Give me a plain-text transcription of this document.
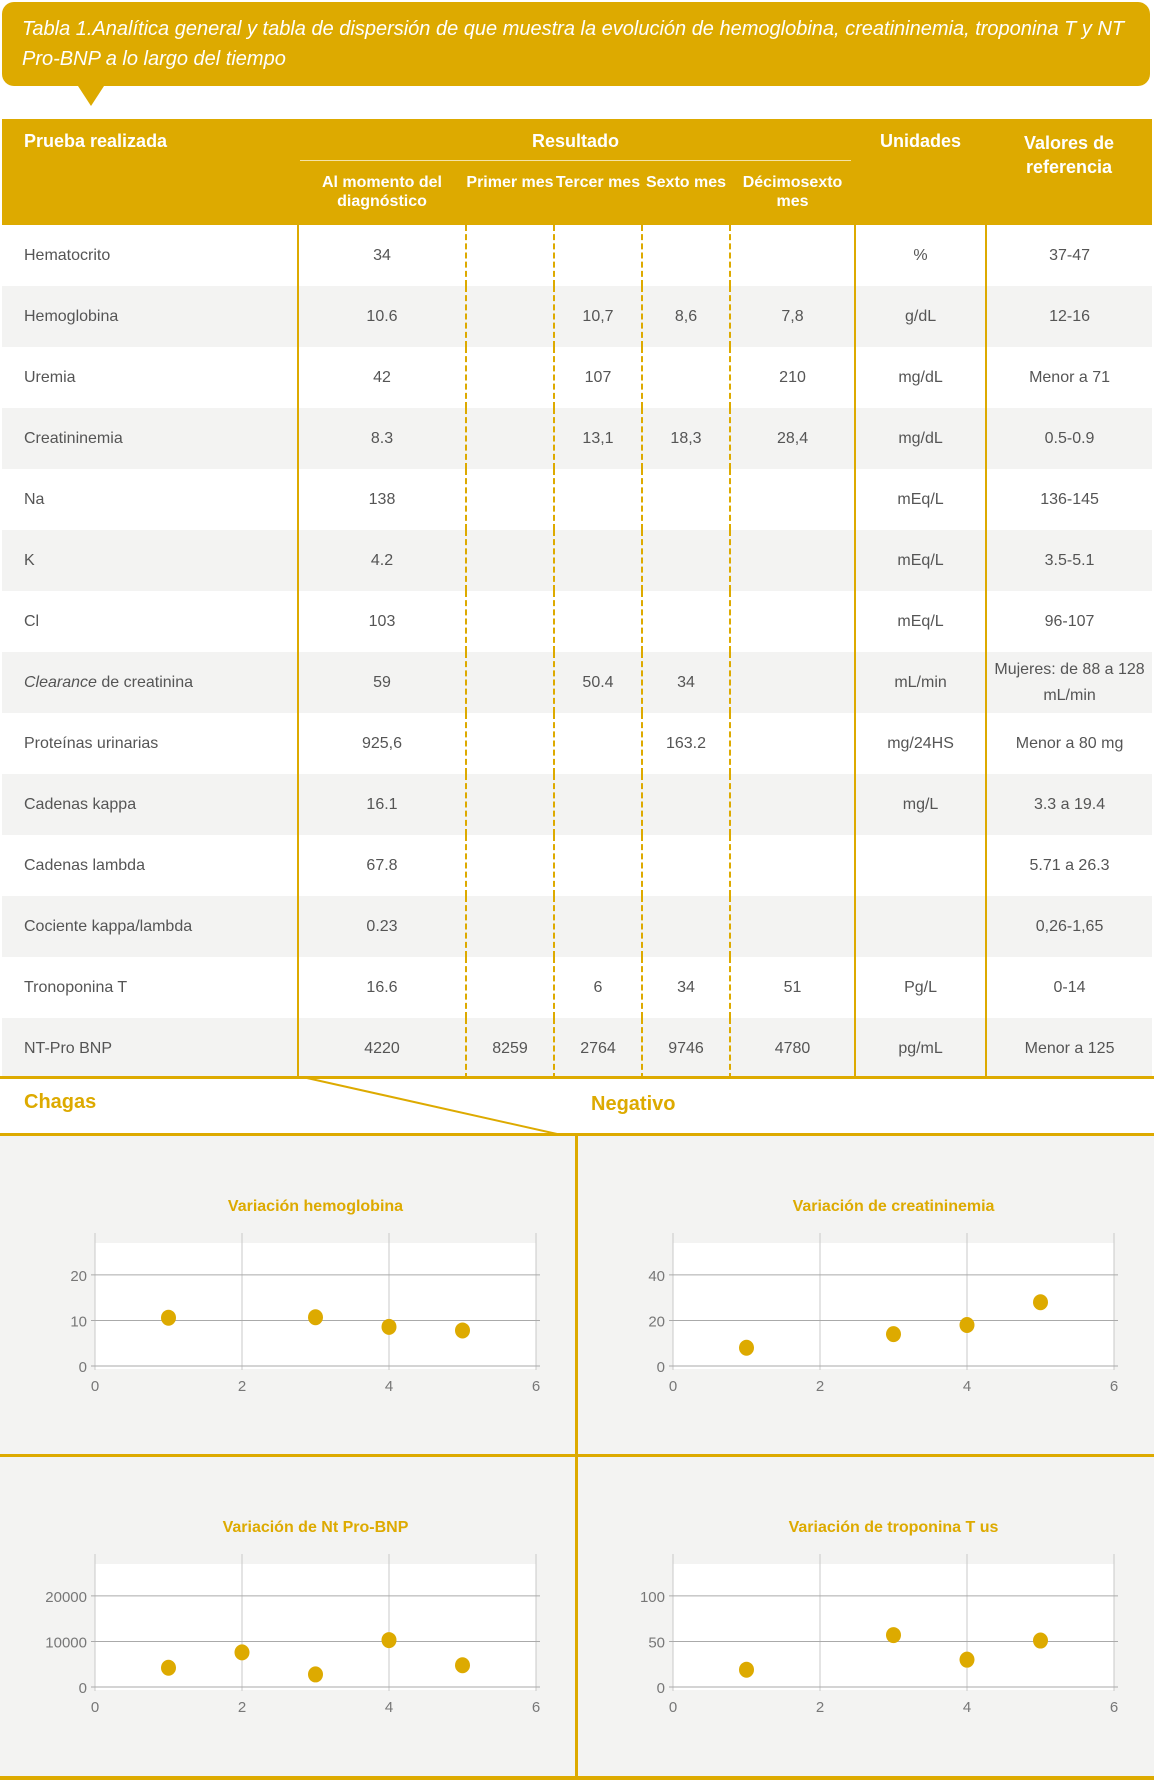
Tabla 1.Analítica general y tabla de dispersión de que muestra la evolución de hemoglobina, creatininemia, troponina T y NT Pro-BNP a lo largo del tiempo
Prueba realizada	Resultado					Unidades	Valores de referencia
	Al momento del diagnóstico	Primer mes	Tercer mes	Sexto mes	Décimosexto mes		
Hematocrito	34					%	37-47
Hemoglobina	10.6		10,7	8,6	7,8	g/dL	12-16
Uremia	42		107		210	mg/dL	Menor a 71
Creatininemia	8.3		13,1	18,3	28,4	mg/dL	0.5-0.9
Na	138					mEq/L	136-145
K	4.2					mEq/L	3.5-5.1
Cl	103					mEq/L	96-107
Clearance de creatinina	59		50.4	34		mL/min	Mujeres: de 88 a 128 mL/min
Proteínas urinarias	925,6			163.2		mg/24HS	Menor a 80 mg
Cadenas kappa	16.1					mg/L	3.3 a 19.4
Cadenas lambda	67.8						5.71 a 26.3
Cociente kappa/lambda	0.23						0,26-1,65
Tronoponina T	16.6		6	34	51	Pg/L	0-14
NT-Pro BNP	4220	8259	2764	9746	4780	pg/mL	Menor a 125
Chagas	Negativo
Variación hemoglobina
0	2	4	6
0
10
20
Variación de creatininemia
0	2	4	6
0
20
40
Variación de Nt Pro-BNP
0	2	4	6
0
10000
20000
Variación de troponina T us
0	2	4	6
0
50
100
